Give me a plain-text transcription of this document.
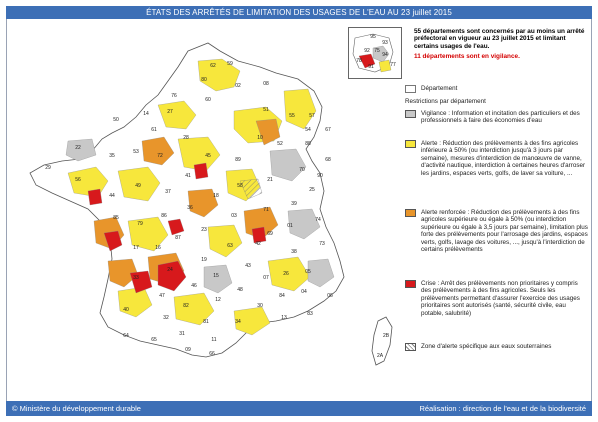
ÉTATS DES ARRÊTÉS DE LIMITATION DES USAGES DE L'EAU AU 23 juillet 2015
62 59
80
02	08
76
27
60
14
50
61
28
45
22
29
56
35
53
72
41
37
49
44
85
79
86
36
18
58
89
10
52
55	57
67
68
88
70
25
39
71
21
03
23
87
17	16
24
19
15
63
43
42
69
01
74
73
38
26
07
48
12
46
47
33
40
64
65
32
82
81
31
09
11
34
30
13
84
04
05
06
83
66
2B
2A
51
54
90
95
93
92 75
94
91	77
78
55 départements sont concernés par au moins un arrêté préfectoral en vigueur au 23 juillet 2015 et limitant certains usages de l'eau.
11 départements sont en vigilance.
Département
Restrictions par département
Vigilance : Information et incitation des particuliers et des professionnels à faire des économies d'eau
Alerte : Réduction des prélèvements à des fins agricoles inférieure à 50% (ou interdiction jusqu'à 3 jours par semaine), mesures d'interdiction de manœuvre de vanne, d'activité nautique, interdiction à certaines heures d'arroser les jardins, espaces verts, golfs, de laver sa voiture, ...
Alerte renforcée : Réduction des prélèvements à des fins agricoles supérieure ou égale à 50% (ou interdiction supérieure ou égale à 3,5 jours par semaine), limitation plus forte des prélèvements pour l'arrosage des jardins, espaces verts, golfs, lavage des voitures, ..., jusqu'à l'interdiction de certains prélèvements
Crise : Arrêt des prélèvements non prioritaires y compris des prélèvements à des fins agricoles. Seuls les prélèvements permettant d'assurer l'exercice des usages prioritaires sont autorisés (santé, sécurité civile, eau potable, salubrité)
Zone d'alerte spécifique aux eaux souterraines
© Ministère du développement durable	Réalisation : direction de l'eau et de la biodiversité
